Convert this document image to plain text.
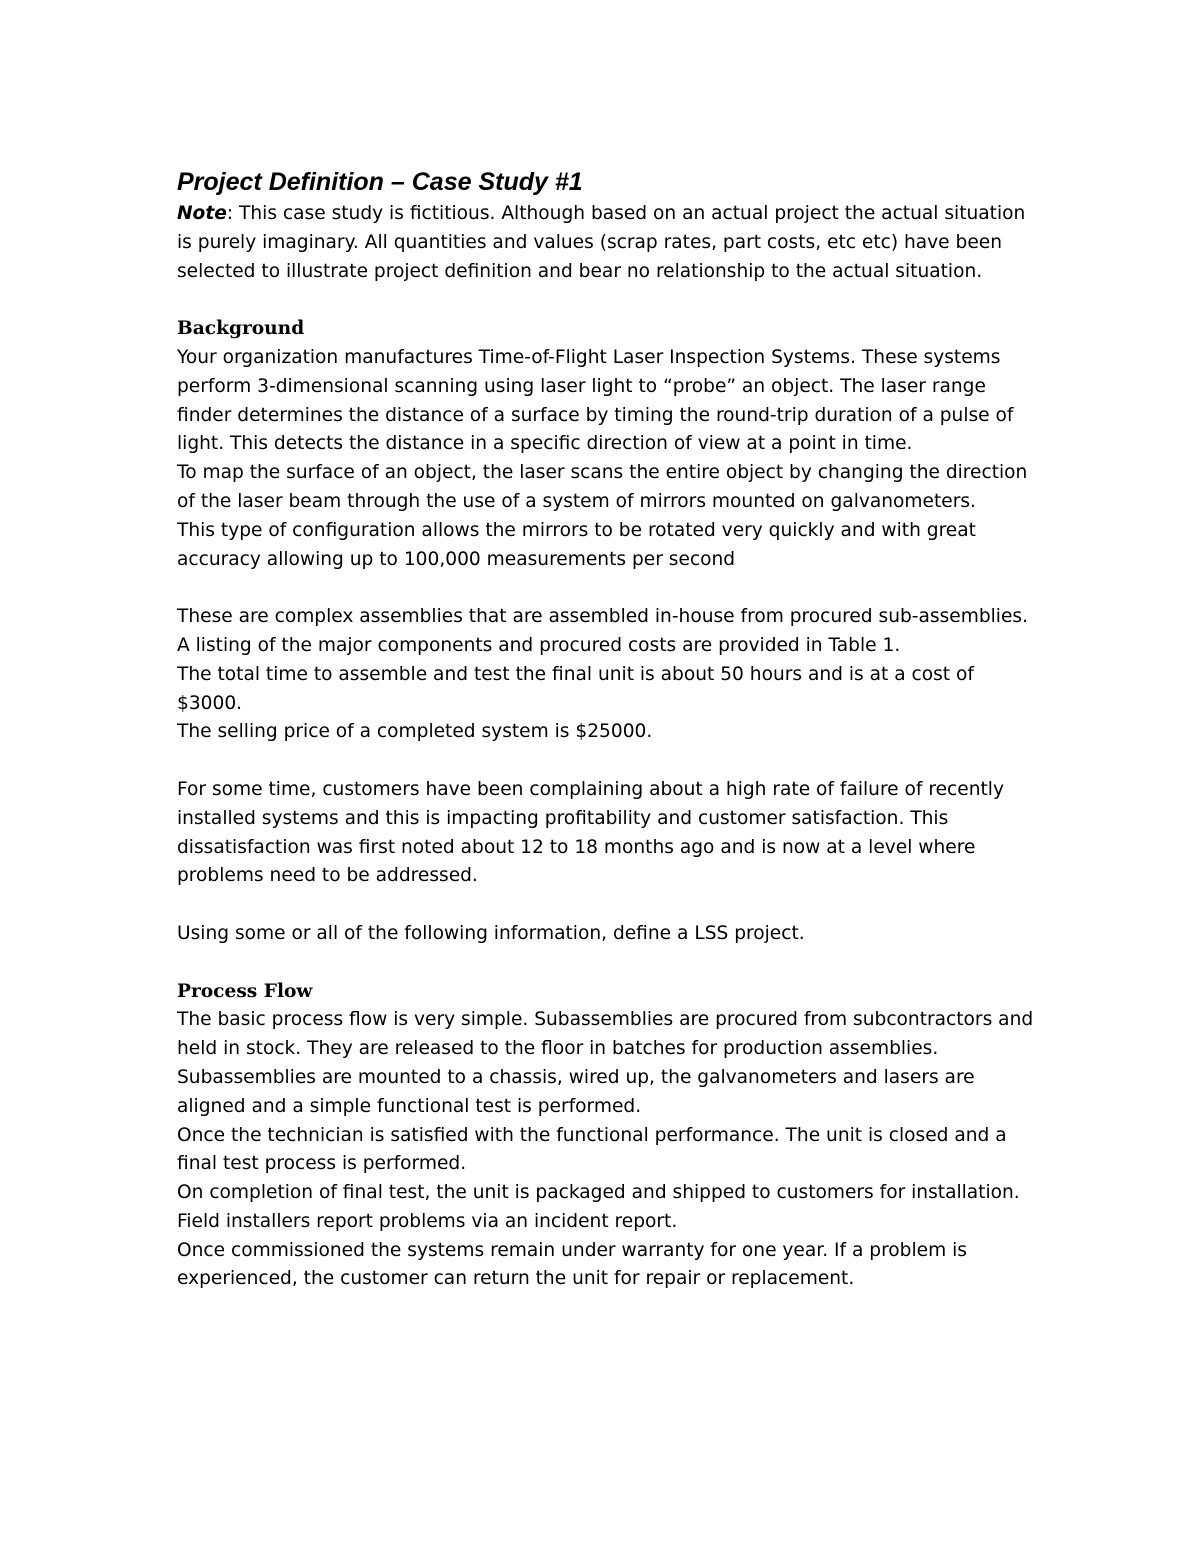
Project Definition – Case Study #1

Note: This case study is fictitious. Although based on an actual project the actual situation is purely imaginary. All quantities and values (scrap rates, part costs, etc etc) have been selected to illustrate project definition and bear no relationship to the actual situation.

Background

Your organization manufactures Time-of-Flight Laser Inspection Systems. These systems perform 3-dimensional scanning using laser light to “probe” an object. The laser range finder determines the distance of a surface by timing the round-trip duration of a pulse of light. This detects the distance in a specific direction of view at a point in time.

To map the surface of an object, the laser scans the entire object by changing the direction of the laser beam through the use of a system of mirrors mounted on galvanometers.

This type of configuration allows the mirrors to be rotated very quickly and with great accuracy allowing up to 100,000 measurements per second

These are complex assemblies that are assembled in-house from procured sub-assemblies. A listing of the major components and procured costs are provided in Table 1.

The total time to assemble and test the final unit is about 50 hours and is at a cost of $3000.

The selling price of a completed system is $25000.

For some time, customers have been complaining about a high rate of failure of recently installed systems and this is impacting profitability and customer satisfaction. This dissatisfaction was first noted about 12 to 18 months ago and is now at a level where problems need to be addressed.

Using some or all of the following information, define a LSS project.

Process Flow

The basic process flow is very simple. Subassemblies are procured from subcontractors and held in stock. They are released to the floor in batches for production assemblies. Subassemblies are mounted to a chassis, wired up, the galvanometers and lasers are aligned and a simple functional test is performed.

Once the technician is satisfied with the functional performance. The unit is closed and a final test process is performed.

On completion of final test, the unit is packaged and shipped to customers for installation. Field installers report problems via an incident report.

Once commissioned the systems remain under warranty for one year. If a problem is experienced, the customer can return the unit for repair or replacement.
